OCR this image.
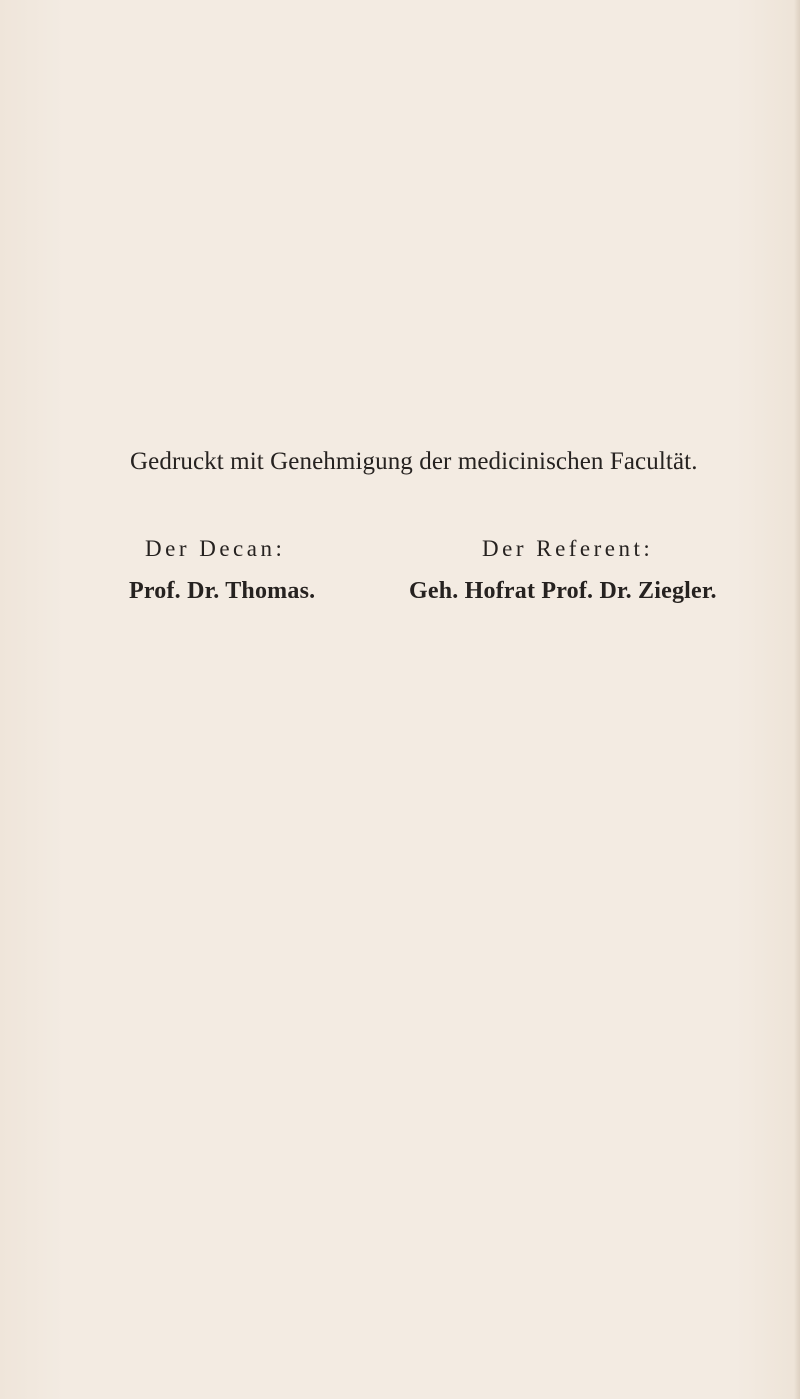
Gedruckt mit Genehmigung der medicinischen Facultät.
Der Decan:
Prof. Dr. Thomas.
Der Referent:
Geh. Hofrat Prof. Dr. Ziegler.
